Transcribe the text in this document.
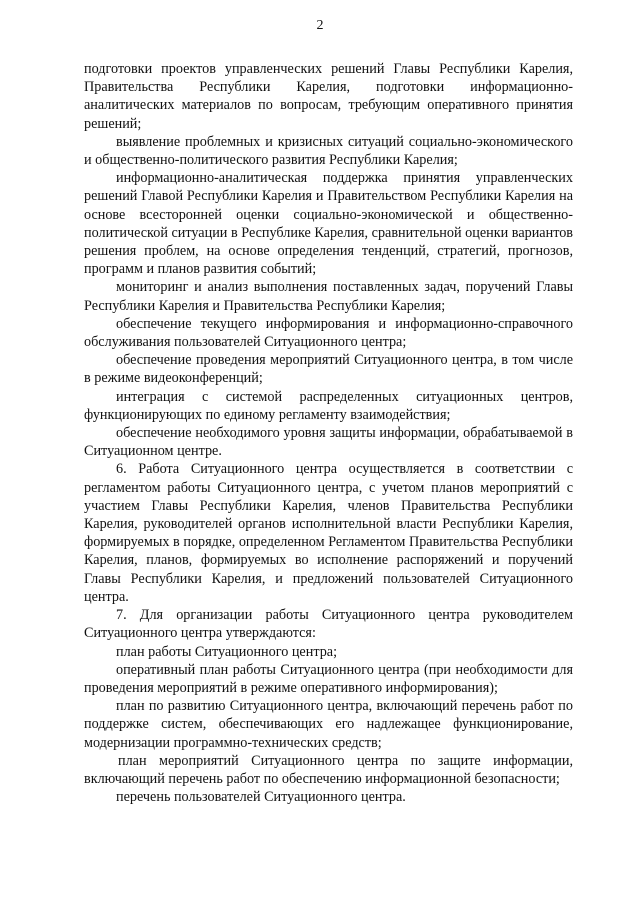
2

подготовки проектов управленческих решений Главы Республики Карелия, Правительства Республики Карелия, подготовки информационно-аналитических материалов по вопросам, требующим оперативного принятия решений;

выявление проблемных и кризисных ситуаций социально-экономического и общественно-политического развития Республики Карелия;

информационно-аналитическая поддержка принятия управленческих решений Главой Республики Карелия и Правительством Республики Карелия на основе всесторонней оценки социально-экономической и общественно-политической ситуации в Республике Карелия, сравнительной оценки вариантов решения проблем, на основе определения тенденций, стратегий, прогнозов, программ и планов развития событий;

мониторинг и анализ выполнения поставленных задач, поручений Главы Республики Карелия и Правительства Республики Карелия;

обеспечение текущего информирования и информационно-справочного обслуживания пользователей Ситуационного центра;

обеспечение проведения мероприятий Ситуационного центра, в том числе в режиме видеоконференций;

интеграция с системой распределенных ситуационных центров, функционирующих по единому регламенту взаимодействия;

обеспечение необходимого уровня защиты информации, обрабатываемой в Ситуационном центре.

6. Работа Ситуационного центра осуществляется в соответствии с регламентом работы Ситуационного центра, с учетом планов мероприятий с участием Главы Республики Карелия, членов Правительства Республики Карелия, руководителей органов исполнительной власти Республики Карелия, формируемых в порядке, определенном Регламентом Правительства Республики Карелия, планов, формируемых во исполнение распоряжений и поручений Главы Республики Карелия, и предложений пользователей Ситуационного центра.

7. Для организации работы Ситуационного центра руководителем Ситуационного центра утверждаются:

план работы Ситуационного центра;

оперативный план работы Ситуационного центра (при необходимости для проведения мероприятий в режиме оперативного информирования);

план по развитию Ситуационного центра, включающий перечень работ по поддержке систем, обеспечивающих его надлежащее функционирование, модернизации программно-технических средств;

план мероприятий Ситуационного центра по защите информации, включающий перечень работ по обеспечению информационной безопасности;

перечень пользователей Ситуационного центра.
